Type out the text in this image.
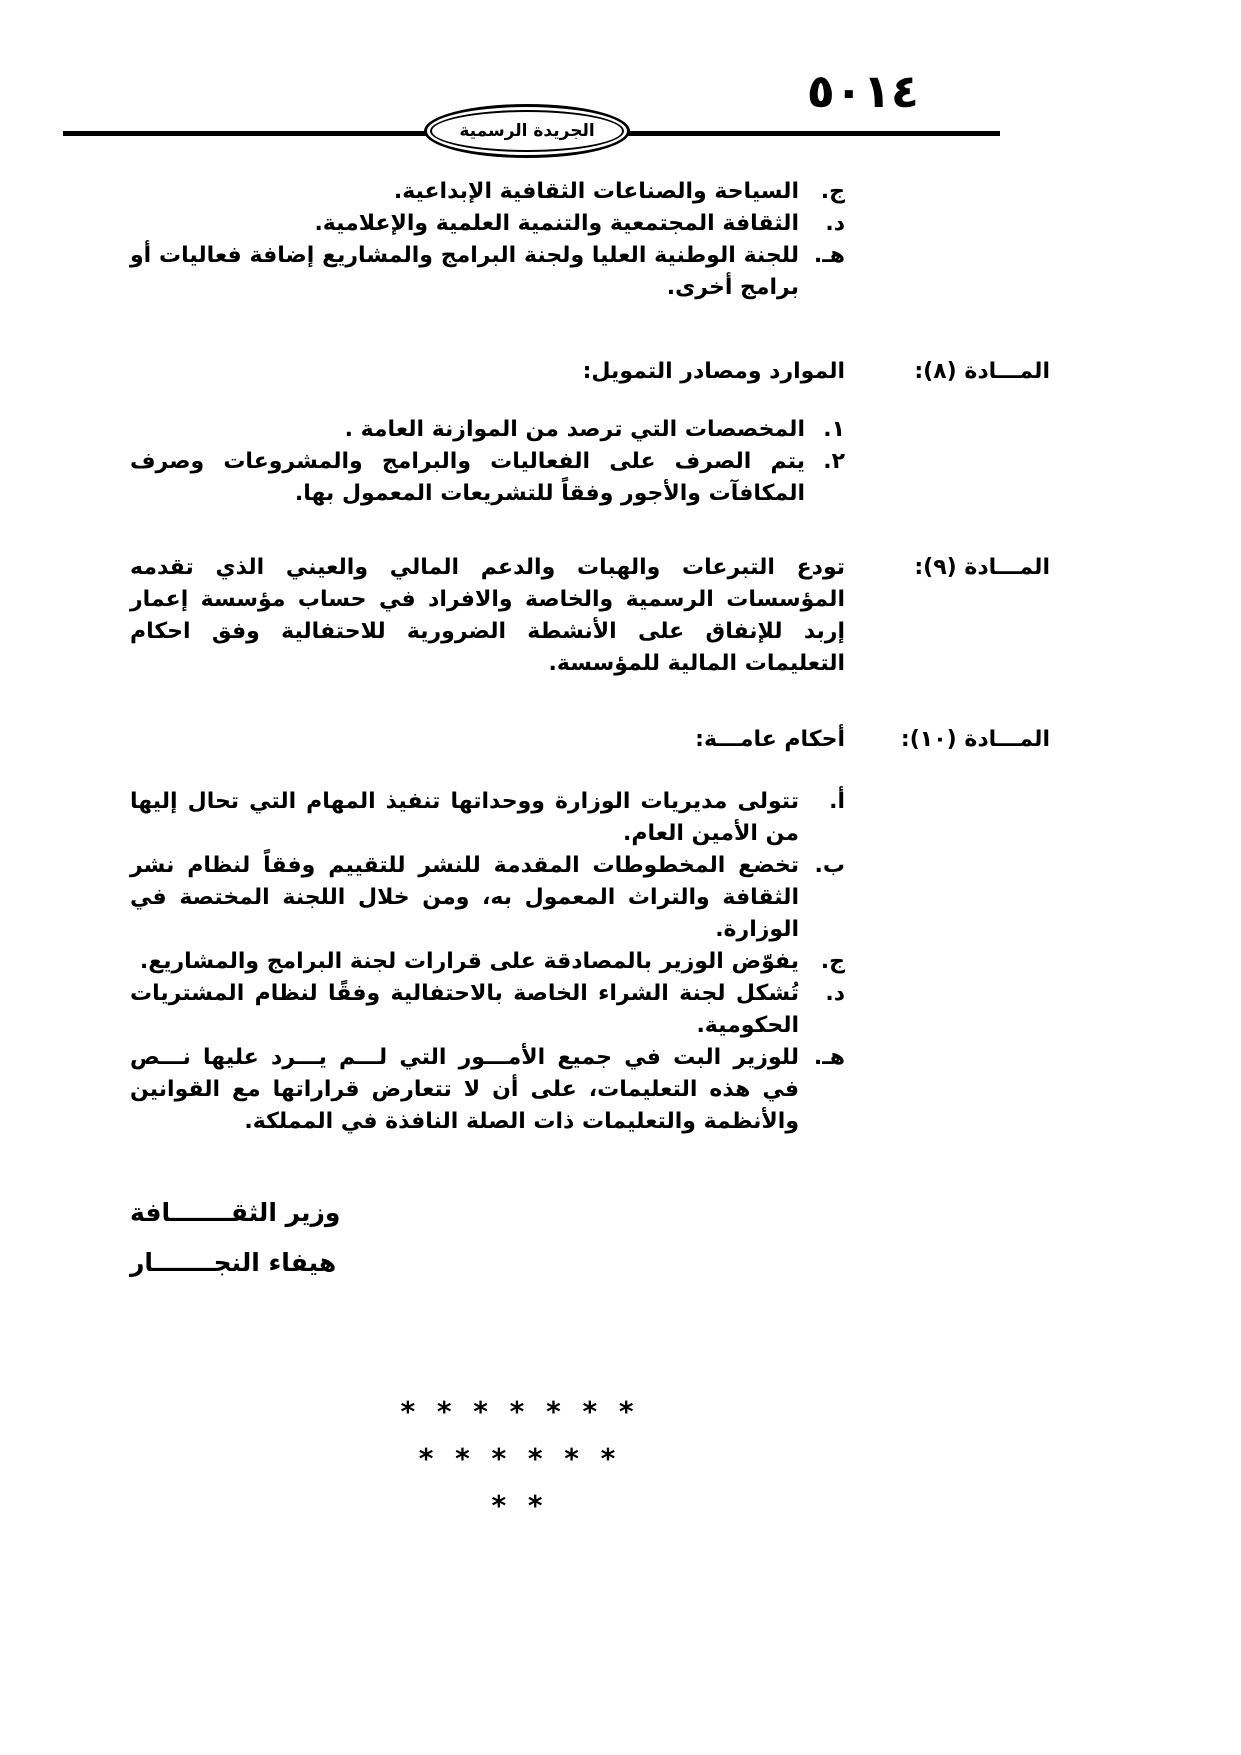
٥٠١٤
الجريدة الرسمية
ج.
السياحة والصناعات الثقافية الإبداعية.
د.
الثقافة المجتمعية والتنمية العلمية والإعلامية.
هـ.
للجنة الوطنية العليا ولجنة البرامج والمشاريع إضافة فعاليات أو برامج أخرى.
المـــادة (٨):
الموارد ومصادر التمويل:
١.
المخصصات التي ترصد من الموازنة العامة .
٢.
يتم الصرف على الفعاليات والبرامج والمشروعات وصرف المكافآت والأجور وفقاً للتشريعات المعمول بها.
المـــادة (٩):
تودع التبرعات والهبات والدعم المالي والعيني الذي تقدمه المؤسسات الرسمية والخاصة والافراد في حساب مؤسسة إعمار إربد للإنفاق على الأنشطة الضرورية للاحتفالية وفق احكام التعليمات المالية للمؤسسة.
المـــادة (١٠):
أحكام عامـــة:
أ.
تتولى مديريات الوزارة ووحداتها تنفيذ المهام التي تحال إليها من الأمين العام.
ب.
تخضع المخطوطات المقدمة للنشر للتقييم وفقاً لنظام نشر الثقافة والتراث المعمول به، ومن خلال اللجنة المختصة في الوزارة.
ج.
يفوّض الوزير بالمصادقة على قرارات لجنة البرامج والمشاريع.
د.
تُشكل لجنة الشراء الخاصة بالاحتفالية وفقًا لنظام المشتريات الحكومية.
هـ.
للوزير البت في جميع الأمـــور التي لـــم يـــرد عليها نـــص في هذه التعليمات، على أن لا تتعارض قراراتها مع القوانين والأنظمة والتعليمات ذات الصلة النافذة في المملكة.
وزير الثقـــــــافة
هيفاء النجـــــــار
* * * * * * *
* * * * * *
* *
